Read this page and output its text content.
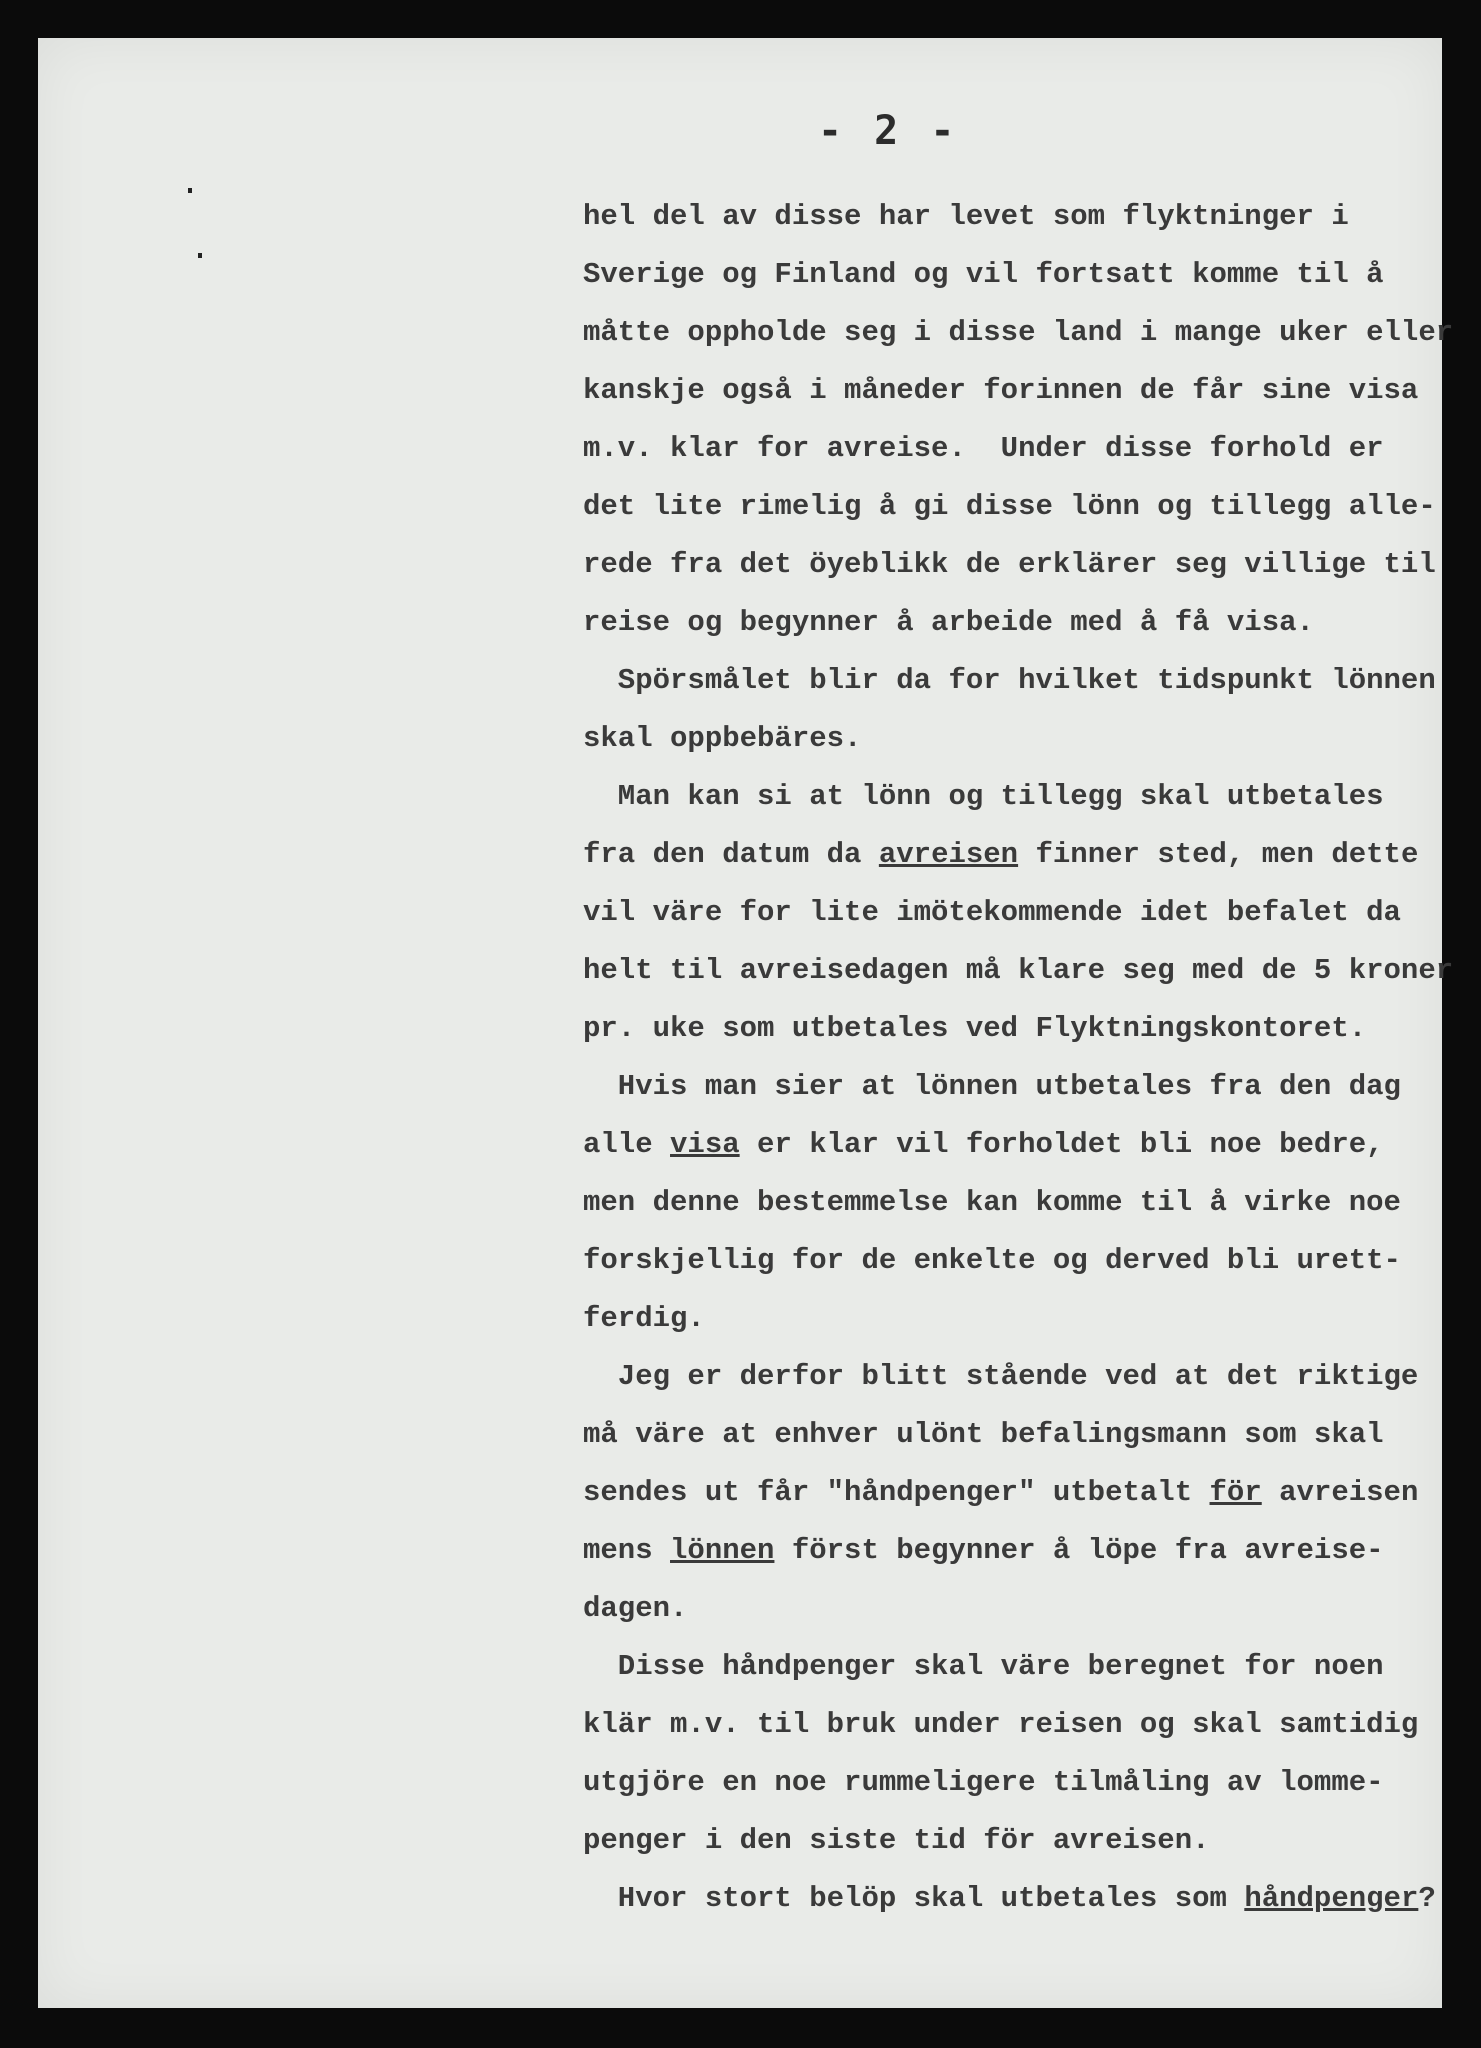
- 2 -
hel del av disse har levet som flyktninger i
Sverige og Finland og vil fortsatt komme til å
måtte oppholde seg i disse land i mange uker eller
kanskje også i måneder forinnen de får sine visa
m.v. klar for avreise.  Under disse forhold er
det lite rimelig å gi disse lönn og tillegg alle-
rede fra det öyeblikk de erklärer seg villige til
reise og begynner å arbeide med å få visa.
Spörsmålet blir da for hvilket tidspunkt lönnen
skal oppbebäres.
Man kan si at lönn og tillegg skal utbetales
fra den datum da avreisen finner sted, men dette
vil väre for lite imötekommende idet befalet da
helt til avreisedagen må klare seg med de 5 kroner
pr. uke som utbetales ved Flyktningskontoret.
Hvis man sier at lönnen utbetales fra den dag
alle visa er klar vil forholdet bli noe bedre,
men denne bestemmelse kan komme til å virke noe
forskjellig for de enkelte og derved bli urett-
ferdig.
Jeg er derfor blitt stående ved at det riktige
må väre at enhver ulönt befalingsmann som skal
sendes ut får "håndpenger" utbetalt för avreisen
mens lönnen först begynner å löpe fra avreise-
dagen.
Disse håndpenger skal väre beregnet for noen
klär m.v. til bruk under reisen og skal samtidig
utgjöre en noe rummeligere tilmåling av lomme-
penger i den siste tid för avreisen.
Hvor stort belöp skal utbetales som håndpenger?
